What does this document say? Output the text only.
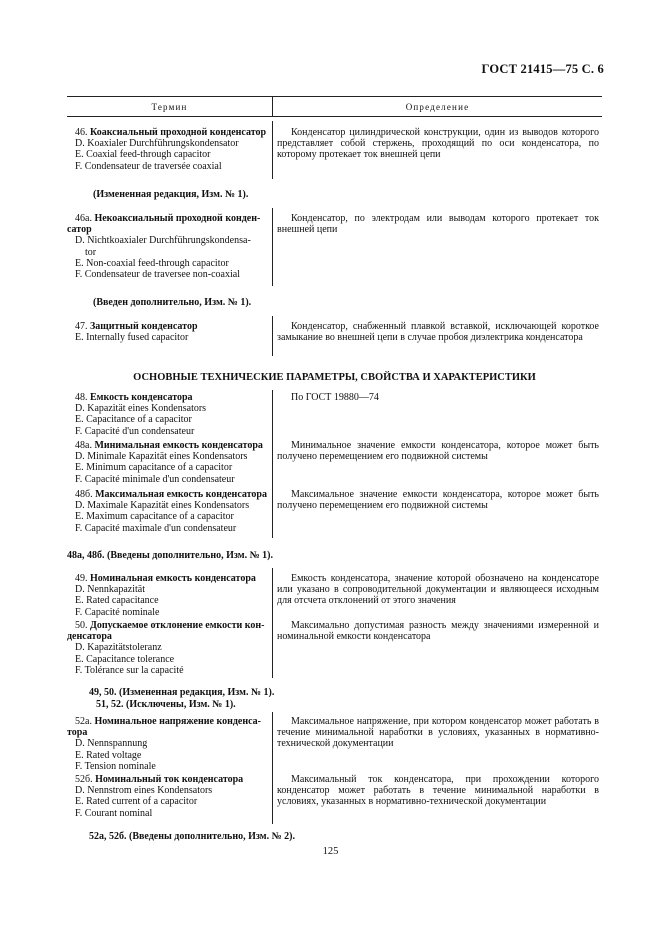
ГОСТ 21415—75 С. 6
Термин	Определение
46. Коаксиальный проходной конденсатор
D. Koaxialer Durchführungskondensator
E. Coaxial feed-through capacitor
F. Condensateur de traversée coaxial

Конденсатор цилиндрической конструкции, один из выводов которого представляет собой стержень, проходящий по оси конденсатора, по которому протекает ток внешней цепи

(Измененная редакция, Изм. № 1).
46а. Некоаксиальный проходной конден-
сатор
D. Nichtkoaxialer Durchführungskondensa-
tor
E. Non-coaxial feed-through capacitor
F. Condensateur de traversee non-coaxial

Конденсатор, по электродам или выводам которого протекает ток внешней цепи

(Введен дополнительно, Изм. № 1).
47. Защитный конденсатор
E. Internally fused capacitor

Конденсатор, снабженный плавкой вставкой, исключающей короткое замыкание во внешней цепи в случае пробоя диэлектрика конденсатора

ОСНОВНЫЕ ТЕХНИЧЕСКИЕ ПАРАМЕТРЫ, СВОЙСТВА И ХАРАКТЕРИСТИКИ
48. Емкость конденсатора
D. Kapazität eines Kondensators
E. Capacitance of a capacitor
F. Capacité d'un condensateur

По ГОСТ 19880—74

48а. Минимальная емкость конденсатора
D. Minimale Kapazität eines Kondensators
E. Minimum capacitance of a capacitor
F. Capacité minimale d'un condensateur

Минимальное значение емкости конденсатора, которое может быть получено перемещением его подвижной системы

48б. Максимальная емкость конденсатора
D. Maximale Kapazität eines Kondensators
E. Maximum capacitance of a capacitor
F. Capacité maximale d'un condensateur

Максимальное значение емкости конденсатора, которое может быть получено перемещением его подвижной системы

48а, 48б. (Введены дополнительно, Изм. № 1).
49. Номинальная емкость конденсатора
D. Nennkapazität
E. Rated capacitance
F. Capacité nominale

Емкость конденсатора, значение которой обозначено на конденсаторе или указано в сопроводительной документации и являющееся исходным для отсчета отклонений от этого значения

50. Допускаемое отклонение емкости кон-
денсатора
D. Kapazitätstoleranz
E. Capacitance tolerance
F. Tolérance sur la capacité

Максимально допустимая разность между значениями измеренной и номинальной емкости конденсатора

49, 50. (Измененная редакция, Изм. № 1).
51, 52. (Исключены, Изм. № 1).
52а. Номинальное напряжение конденса-
тора
D. Nennspannung
E. Rated voltage
F. Tension nominale

Максимальное напряжение, при котором конденсатор может работать в течение минимальной наработки в условиях, указанных в нормативно-технической документации

52б. Номинальный ток конденсатора
D. Nennstrom eines Kondensators
E. Rated current of a capacitor
F. Courant nominal

Максимальный ток конденсатора, при прохождении которого конденсатор может работать в течение минимальной наработки в условиях, указанных в нормативно-технической документации

52а, 52б. (Введены дополнительно, Изм. № 2).
125
